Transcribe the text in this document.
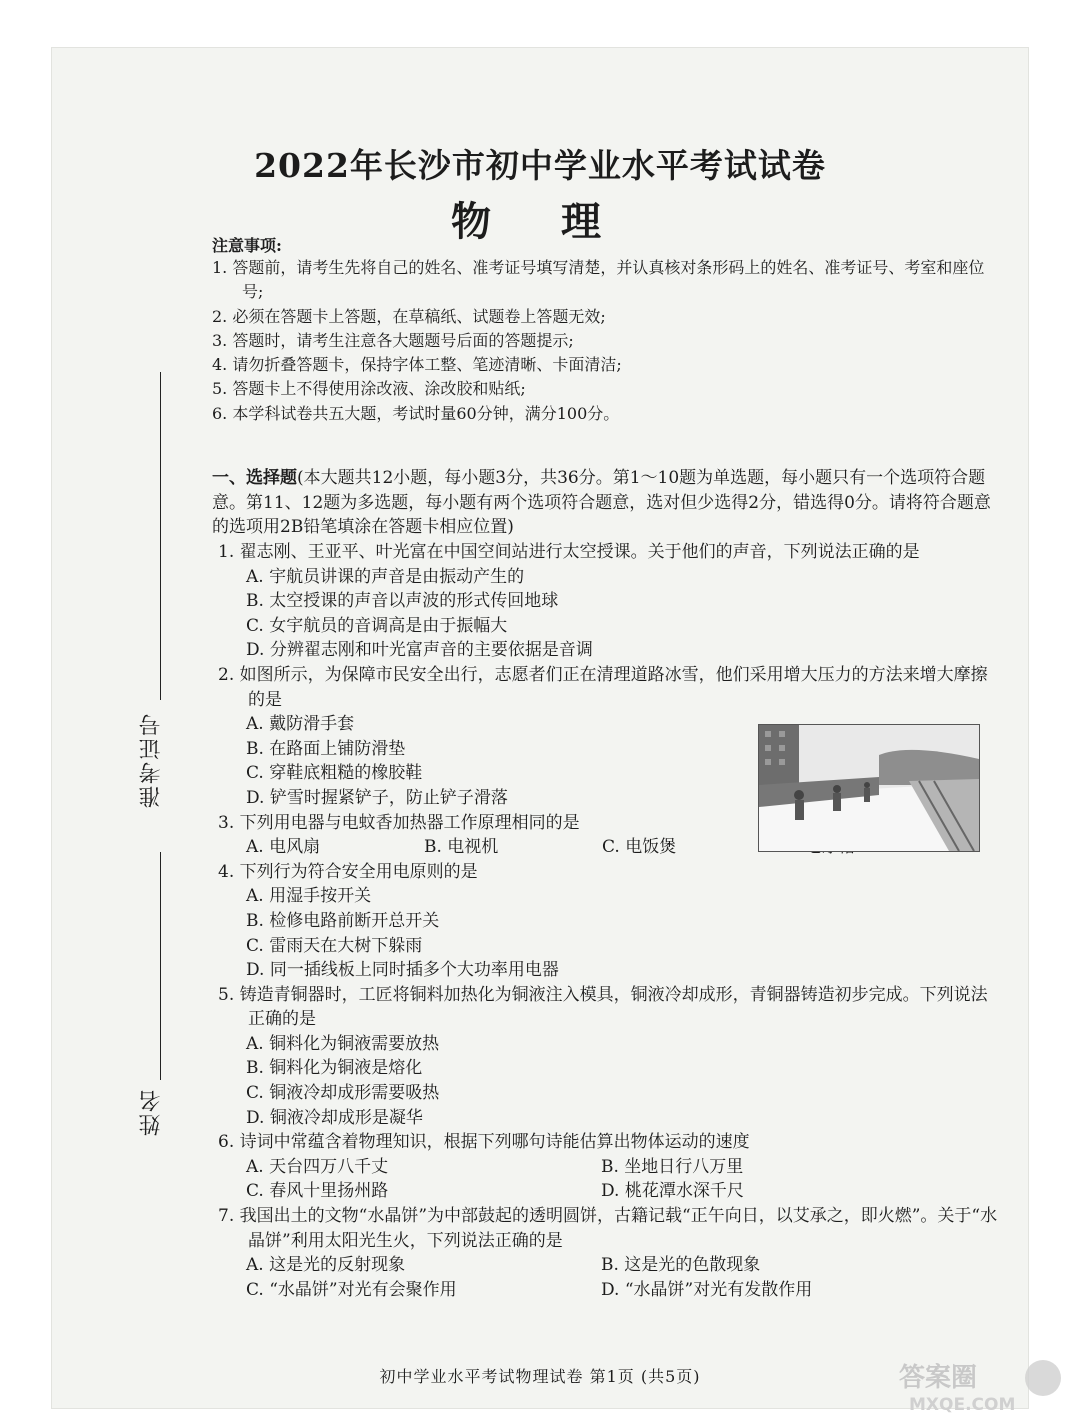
2022年长沙市初中学业水平考试试卷
物 理
注意事项:
1. 答题前，请考生先将自己的姓名、准考证号填写清楚，并认真核对条形码上的姓名、准考证号、考室和座位号;
2. 必须在答题卡上答题，在草稿纸、试题卷上答题无效;
3. 答题时，请考生注意各大题题号后面的答题提示;
4. 请勿折叠答题卡，保持字体工整、笔迹清晰、卡面清洁;
5. 答题卡上不得使用涂改液、涂改胶和贴纸;
6. 本学科试卷共五大题，考试时量60分钟，满分100分。
准考证号
姓名
一、选择题(本大题共12小题，每小题3分，共36分。第1～10题为单选题，每小题只有一个选项符合题意。第11、12题为多选题，每小题有两个选项符合题意，选对但少选得2分，错选得0分。请将符合题意的选项用2B铅笔填涂在答题卡相应位置)
1. 翟志刚、王亚平、叶光富在中国空间站进行太空授课。关于他们的声音，下列说法正确的是
A. 宇航员讲课的声音是由振动产生的
B. 太空授课的声音以声波的形式传回地球
C. 女宇航员的音调高是由于振幅大
D. 分辨翟志刚和叶光富声音的主要依据是音调
2. 如图所示，为保障市民安全出行，志愿者们正在清理道路冰雪，他们采用增大压力的方法来增大摩擦的是
A. 戴防滑手套
B. 在路面上铺防滑垫
C. 穿鞋底粗糙的橡胶鞋
D. 铲雪时握紧铲子，防止铲子滑落
3. 下列用电器与电蚊香加热器工作原理相同的是
A. 电风扇	B. 电视机	C. 电饭煲
4. 下列行为符合安全用电原则的是
A. 用湿手按开关
B. 检修电路前断开总开关
C. 雷雨天在大树下躲雨
D. 同一插线板上同时插多个大功率用电器
5. 铸造青铜器时，工匠将铜料加热化为铜液注入模具，铜液冷却成形，青铜器铸造初步完成。下列说法正确的是
A. 铜料化为铜液需要放热
B. 铜料化为铜液是熔化
C. 铜液冷却成形需要吸热
D. 铜液冷却成形是凝华
6. 诗词中常蕴含着物理知识，根据下列哪句诗能估算出物体运动的速度
A. 天台四万八千丈	B. 坐地日行八万里
C. 春风十里扬州路	D. 桃花潭水深千尺
7. 我国出土的文物“水晶饼”为中部鼓起的透明圆饼，古籍记载“正午向日，以艾承之，即火燃”。关于“水晶饼”利用太阳光生火，下列说法正确的是
A. 这是光的反射现象	B. 这是光的色散现象
C. “水晶饼”对光有会聚作用	D. “水晶饼”对光有发散作用
初中学业水平考试物理试卷 第1页 (共5页)	答案圈
MXQE.COM
